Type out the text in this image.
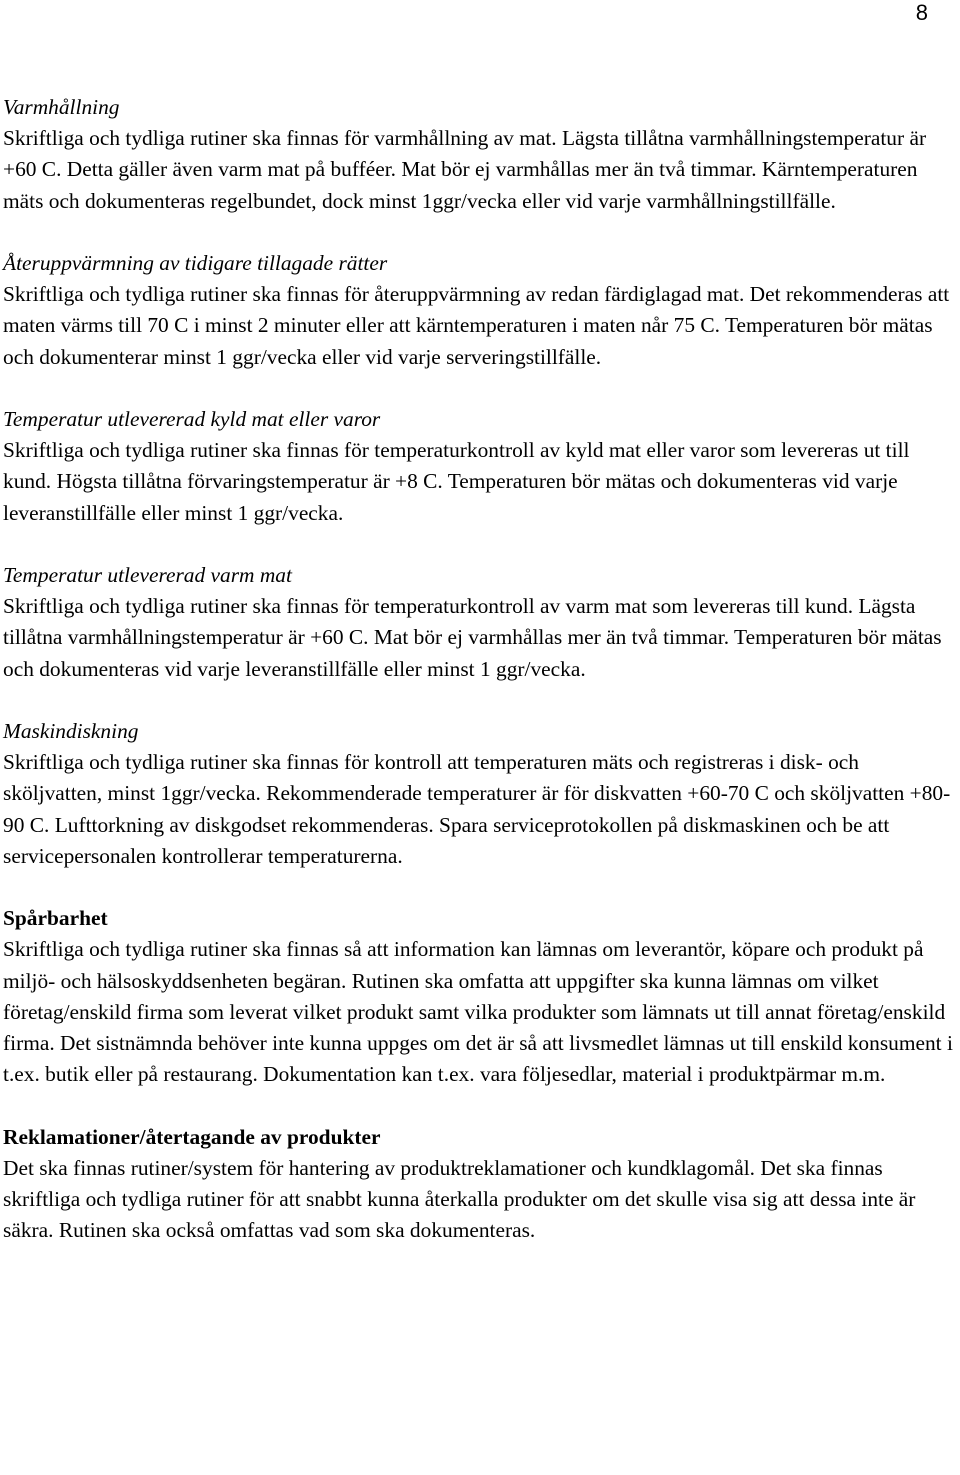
8
Varmhållning
Skriftliga och tydliga rutiner ska finnas för varmhållning av mat. Lägsta tillåtna varmhållningstemperatur är +60 C. Detta gäller även varm mat på bufféer. Mat bör ej varmhållas mer än två timmar. Kärntemperaturen mäts och dokumenteras regelbundet, dock minst 1ggr/vecka eller vid varje varmhållningstillfälle.
Återuppvärmning av tidigare tillagade rätter
Skriftliga och tydliga rutiner ska finnas för återuppvärmning av redan färdiglagad mat. Det rekommenderas att maten värms till 70 C i minst 2 minuter eller att kärntemperaturen i maten når 75 C. Temperaturen bör mätas och dokumenterar minst 1 ggr/vecka eller vid varje serveringstillfälle.
Temperatur utlevererad kyld mat eller varor
Skriftliga och tydliga rutiner ska finnas för temperaturkontroll av kyld mat eller varor som levereras ut till kund. Högsta tillåtna förvaringstemperatur är +8 C. Temperaturen bör mätas och dokumenteras vid varje leveranstillfälle eller minst 1 ggr/vecka.
Temperatur utlevererad varm mat
Skriftliga och tydliga rutiner ska finnas för temperaturkontroll av varm mat som levereras till kund. Lägsta tillåtna varmhållningstemperatur är +60 C. Mat bör ej varmhållas mer än två timmar. Temperaturen bör mätas och dokumenteras vid varje leveranstillfälle eller minst 1 ggr/vecka.
Maskindiskning
Skriftliga och tydliga rutiner ska finnas för kontroll att temperaturen mäts och registreras i disk- och sköljvatten, minst 1ggr/vecka. Rekommenderade temperaturer är för diskvatten +60-70 C och sköljvatten +80-90 C. Lufttorkning av diskgodset rekommenderas. Spara serviceprotokollen på diskmaskinen och be att servicepersonalen kontrollerar temperaturerna.
Spårbarhet
Skriftliga och tydliga rutiner ska finnas så att information kan lämnas om leverantör, köpare och produkt på miljö- och hälsoskyddsenheten begäran. Rutinen ska omfatta att uppgifter ska kunna lämnas om vilket företag/enskild firma som leverat vilket produkt samt vilka produkter som lämnats ut till annat företag/enskild firma. Det sistnämnda behöver inte kunna uppges om det är så att livsmedlet lämnas ut till enskild konsument i t.ex. butik eller på restaurang. Dokumentation kan t.ex. vara följesedlar, material i produktpärmar m.m.
Reklamationer/återtagande av produkter
Det ska finnas rutiner/system för hantering av produktreklamationer och kundklagomål. Det ska finnas skriftliga och tydliga rutiner för att snabbt kunna återkalla produkter om det skulle visa sig att dessa inte är säkra. Rutinen ska också omfattas vad som ska dokumenteras.
